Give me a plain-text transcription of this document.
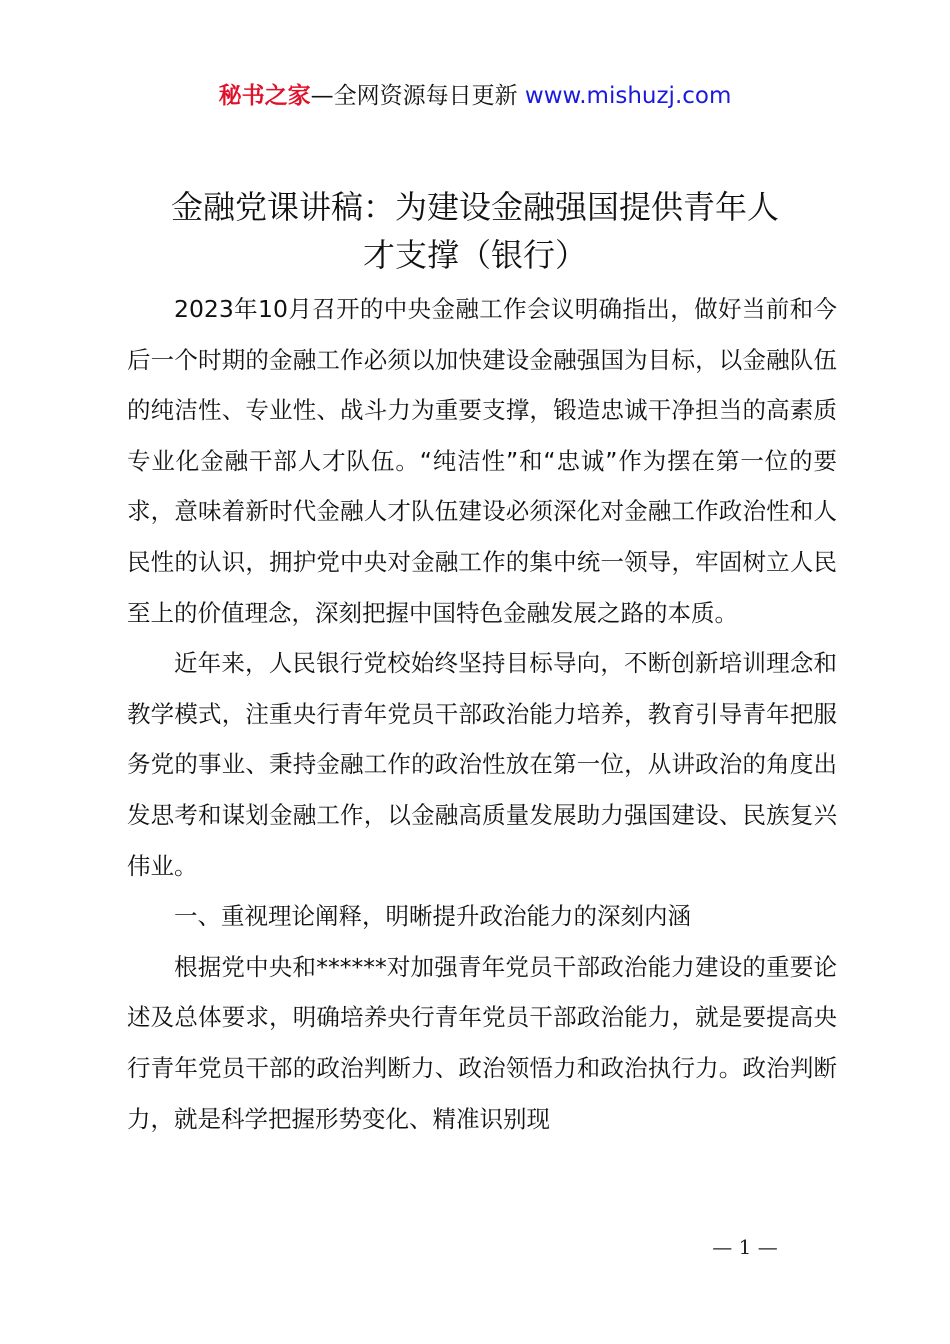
秘书之家—全网资源每日更新 www.mishuzj.com
金融党课讲稿：为建设金融强国提供青年人
才支撑（银行）

2023年10月召开的中央金融工作会议明确指出，做好当前和今后一个时期的金融工作必须以加快建设金融强国为目标，以金融队伍的纯洁性、专业性、战斗力为重要支撑，锻造忠诚干净担当的高素质专业化金融干部人才队伍。“纯洁性”和“忠诚”作为摆在第一位的要求，意味着新时代金融人才队伍建设必须深化对金融工作政治性和人民性的认识，拥护党中央对金融工作的集中统一领导，牢固树立人民至上的价值理念，深刻把握中国特色金融发展之路的本质。

近年来，人民银行党校始终坚持目标导向，不断创新培训理念和教学模式，注重央行青年党员干部政治能力培养，教育引导青年把服务党的事业、秉持金融工作的政治性放在第一位，从讲政治的角度出发思考和谋划金融工作，以金融高质量发展助力强国建设、民族复兴伟业。

一、重视理论阐释，明晰提升政治能力的深刻内涵

根据党中央和******对加强青年党员干部政治能力建设的重要论述及总体要求，明确培养央行青年党员干部政治能力，就是要提高央行青年党员干部的政治判断力、政治领悟力和政治执行力。政治判断力，就是科学把握形势变化、精准识别现

— 1 —
